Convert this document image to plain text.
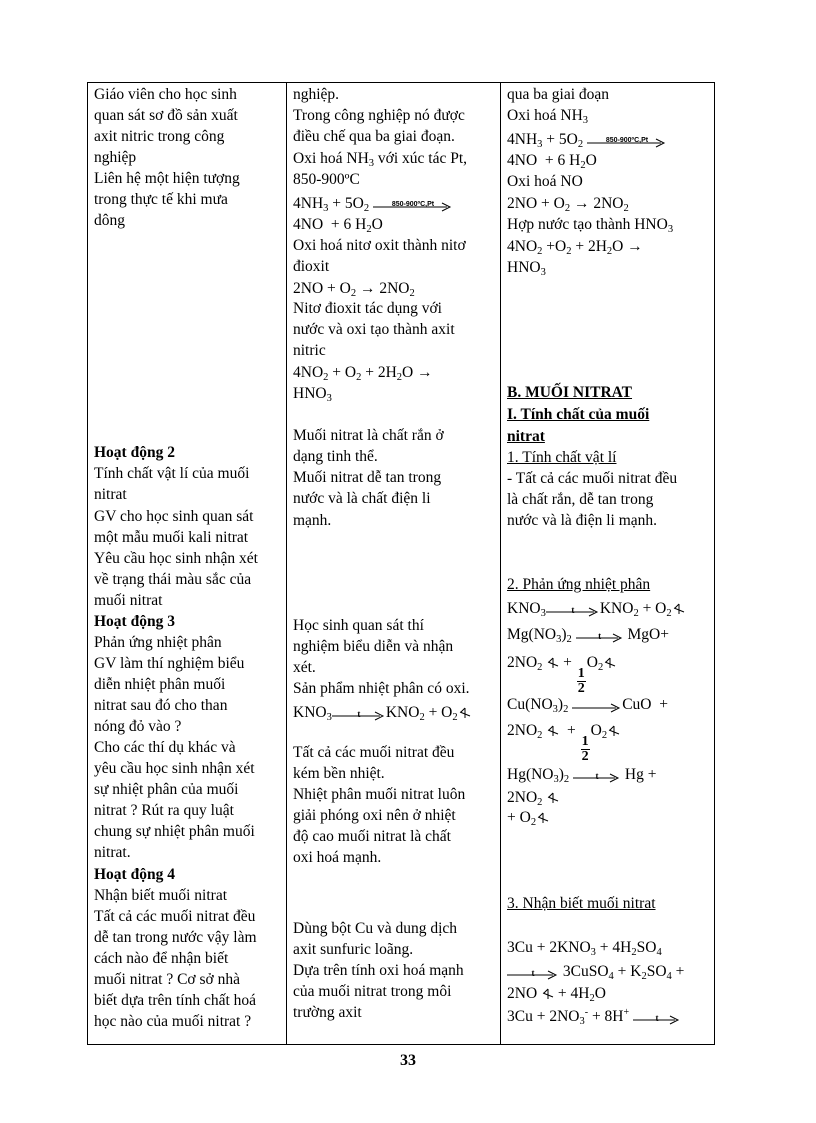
Giáo viên cho học sinh
quan sát sơ đồ sản xuất
axit nitric trong công
nghiệp
Liên hệ một hiện tượng
trong thực tế khi mưa
dông
Hoạt động 2
Tính chất vật lí của muối
nitrat
GV cho học sinh quan sát
một mẫu muối kali nitrat
Yêu cầu học sinh nhận xét
về trạng thái màu sắc của
muối nitrat
Hoạt động 3
Phản ứng nhiệt phân
GV làm thí nghiệm biểu
diễn nhiệt phân muối
nitrat sau đó cho than
nóng đỏ vào ?
Cho các thí dụ khác và
yêu cầu học sinh nhận xét
sự nhiệt phân của muối
nitrat ? Rút ra quy luật
chung sự nhiệt phân muối
nitrat.
Hoạt động 4
Nhận biết muối nitrat
Tất cả các muối nitrat đều
dễ tan trong nước vậy làm
cách nào để nhận biết
muối nitrat ? Cơ sở nhà
biết dựa trên tính chất hoá
học nào của muối nitrat ?

nghiệp.
Trong công nghiệp nó được
điều chế qua ba giai đoạn.
Oxi hoá $NH_3$ với xúc tác Pt,
850-900ºC
$4NH_3 + 5O_2$	850-900ºC,Pt
4NO  + 6 $H_2O$
Oxi hoá nitơ oxit thành nitơ
đioxit
$2NO + O_2 \to 2NO_2$
Nitơ đioxit tác dụng với
nước và oxi tạo thành axit
nitric
$4NO_2 + O_2 + 2H_2O$ →
$HNO_3$
Muối nitrat là chất rắn ở
dạng tinh thể.
Muối nitrat dễ tan trong
nước và là chất điện li
mạnh.
Học sinh quan sát thí
nghiệm biểu diễn và nhận
xét.
Sản phẩm nhiệt phân có oxi.
$KNO_3$	t	$KNO_2 + O_2$
Tất cả các muối nitrat đều
kém bền nhiệt.
Nhiệt phân muối nitrat luôn
giải phóng oxi nên ở nhiệt
độ cao muối nitrat là chất
oxi hoá mạnh.
Dùng bột Cu và dung dịch
axit sunfuric loãng.
Dựa trên tính oxi hoá mạnh
của muối nitrat trong môi
trường axit

qua ba giai đoạn
Oxi hoá $NH_3$
$4NH_3 + 5O_2$	850-900ºC,Pt
4NO  + 6 $H_2O$
Oxi hoá NO
$2NO + O_2 \to 2NO_2$
Hợp nước tạo thành $HNO_3$
$4NO_2 +O_2 + 2H_2O$ →
$HNO_3$
B. MUỐI NITRAT
I. Tính chất của muối
nitrat
1. Tính chất vật lí
- Tất cả các muối nitrat đều
là chất rắn, dễ tan trong
nước và là điện li mạnh.
2. Phản ứng nhiệt phân
$KNO_3$	t	$KNO_2 + O_2$
$Mg(NO_3)_2$	t	MgO+
$2NO_2$  +
$\frac{1}{2}$
$O_2$
$Cu(NO_3)_2 \to CuO$  +
$2NO_2$   +
$\frac{1}{2}$
$O_2$
$Hg(NO_3)_2$	t	Hg +
$2NO_2$
+ $O_2$
3. Nhận biết muối nitrat
$3Cu + 2KNO_3 + 4H_2SO_4$
t	3CuSO$_4$ + $K_2SO_4$ +
$2NO + 4H_2O$
$3Cu + 2NO_3^- + 8H^+$	t
33
